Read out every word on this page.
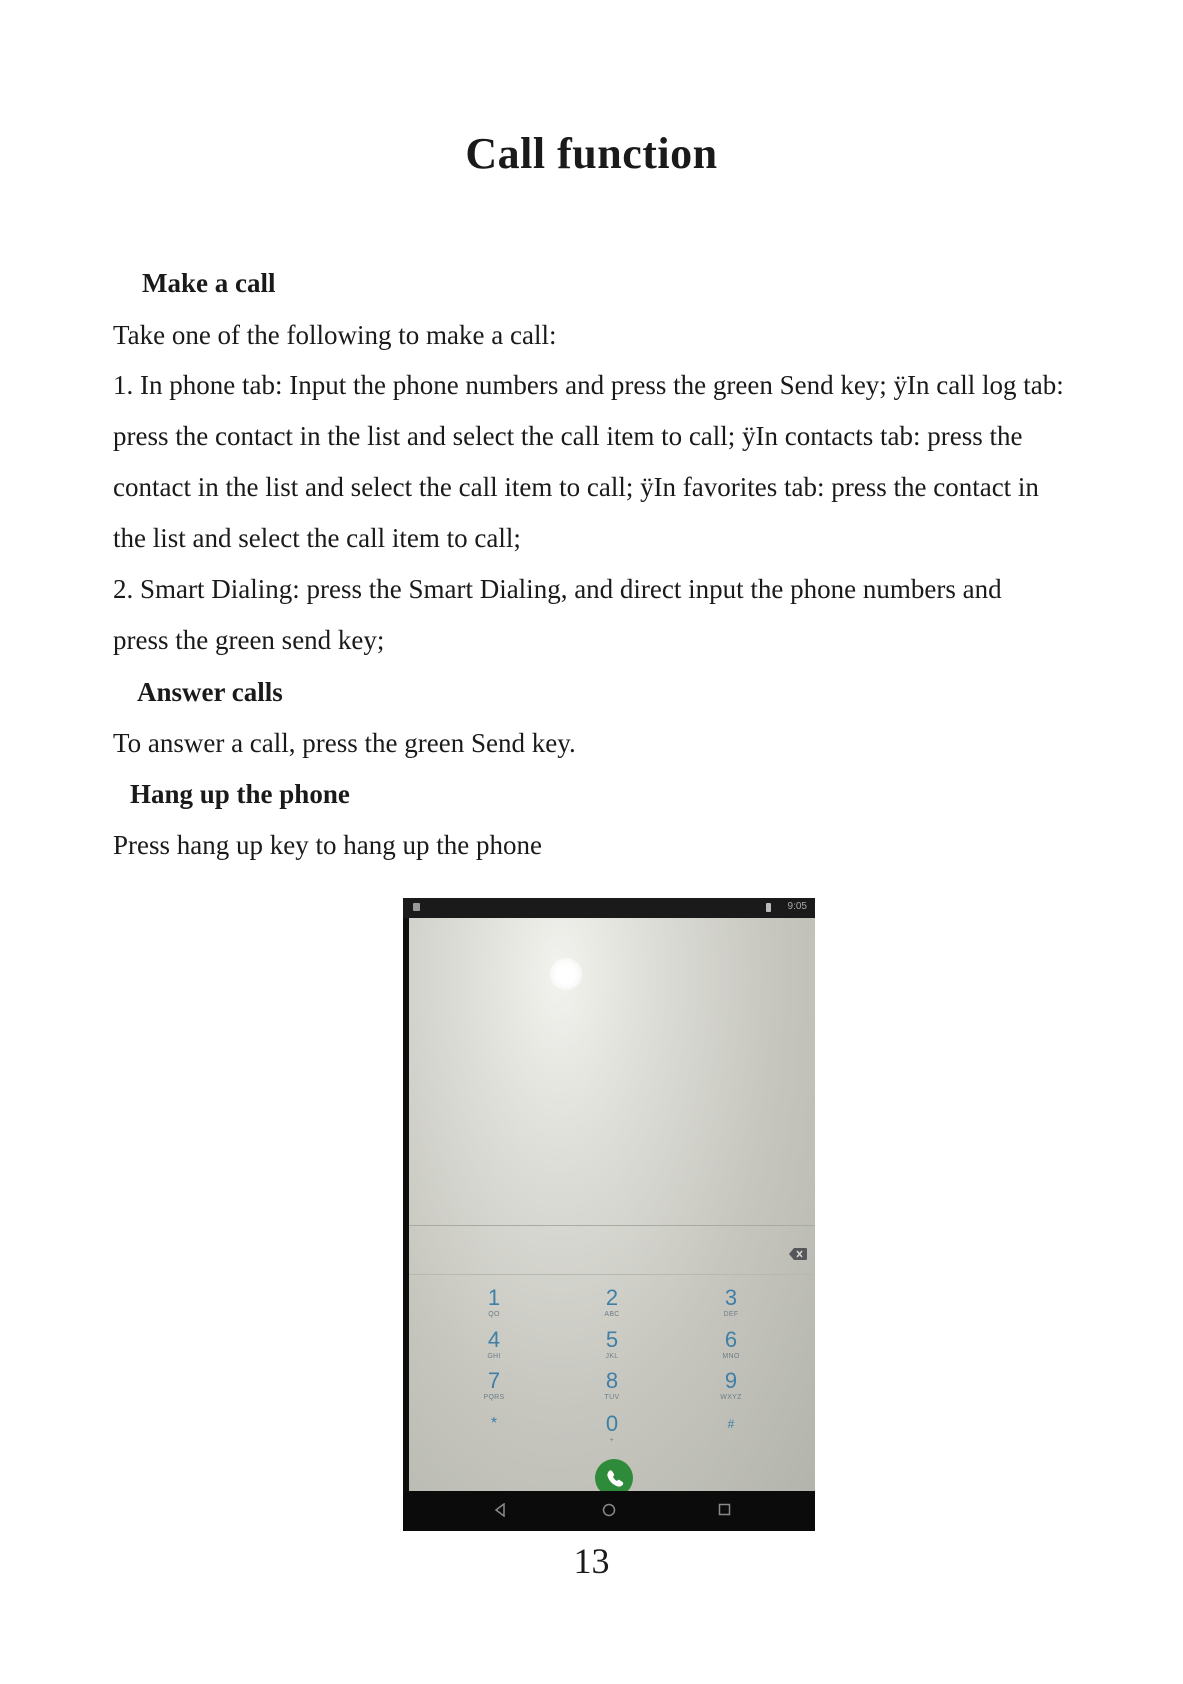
Call function
Make a call

Take one of the following to make a call:

1. In phone tab: Input the phone numbers and press the green Send key; ÿIn call log tab:

press the contact in the list and select the call item to call; ÿIn contacts tab: press the

contact in the list and select the call item to call; ÿIn favorites tab: press the contact in

the list and select the call item to call;

2. Smart Dialing: press the Smart Dialing, and direct input the phone numbers and

press the green send key;

Answer calls

To answer a call, press the green Send key.

Hang up the phone

Press hang up key to hang up the phone

9:05
1
QO
2
ABC
3
DEF
4
GHI
5
JKL
6
MNO
7
PQRS
8
TUV
9
WXYZ
*	0
+
#

13
